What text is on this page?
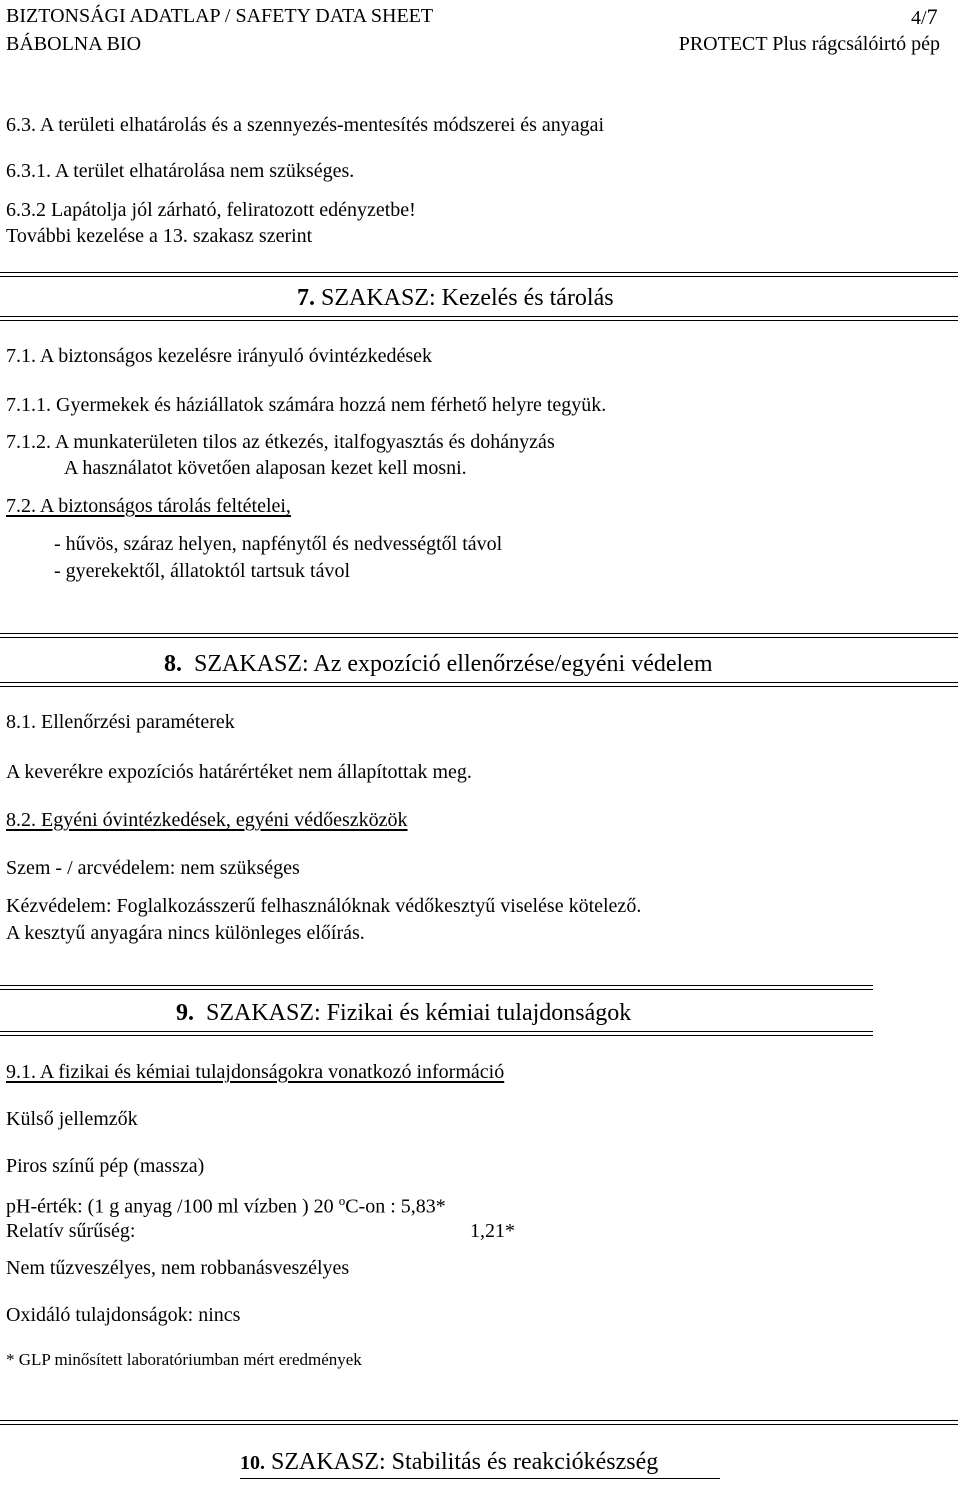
BIZTONSÁGI ADATLAP / SAFETY DATA SHEET
BÁBOLNA BIO
4/7
PROTECT Plus rágcsálóirtó pép
6.3. A területi elhatárolás és a szennyezés-mentesítés módszerei és anyagai
6.3.1. A terület elhatárolása nem szükséges.
6.3.2 Lapátolja jól zárható, feliratozott edényzetbe!
További kezelése a 13. szakasz szerint
7. SZAKASZ: Kezelés és tárolás
7.1. A biztonságos kezelésre irányuló óvintézkedések
7.1.1. Gyermekek és háziállatok számára hozzá nem férhető helyre tegyük.
7.1.2. A munkaterületen tilos az étkezés, italfogyasztás és dohányzás
A használatot követően alaposan kezet kell mosni.
7.2. A biztonságos tárolás feltételei,
- hűvös, száraz helyen, napfénytől és nedvességtől távol
- gyerekektől, állatoktól tartsuk távol
8.  SZAKASZ: Az expozíció ellenőrzése/egyéni védelem
8.1. Ellenőrzési paraméterek
A keverékre expozíciós határértéket nem állapítottak meg.
8.2. Egyéni óvintézkedések, egyéni védőeszközök
Szem - / arcvédelem: nem szükséges
Kézvédelem: Foglalkozásszerű felhasználóknak védőkesztyű viselése kötelező.
A kesztyű anyagára nincs különleges előírás.
9.  SZAKASZ: Fizikai és kémiai tulajdonságok
9.1. A fizikai és kémiai tulajdonságokra vonatkozó információ
Külső jellemzők
Piros színű pép (massza)
pH-érték: (1 g anyag /100 ml vízben ) 20 $^o$C-on : 5,83*
Relatív sűrűség:	1,21*
Nem tűzveszélyes, nem robbanásveszélyes
Oxidáló tulajdonságok: nincs
* GLP minősített laboratóriumban mért eredmények
10. SZAKASZ: Stabilitás és reakciókészség
